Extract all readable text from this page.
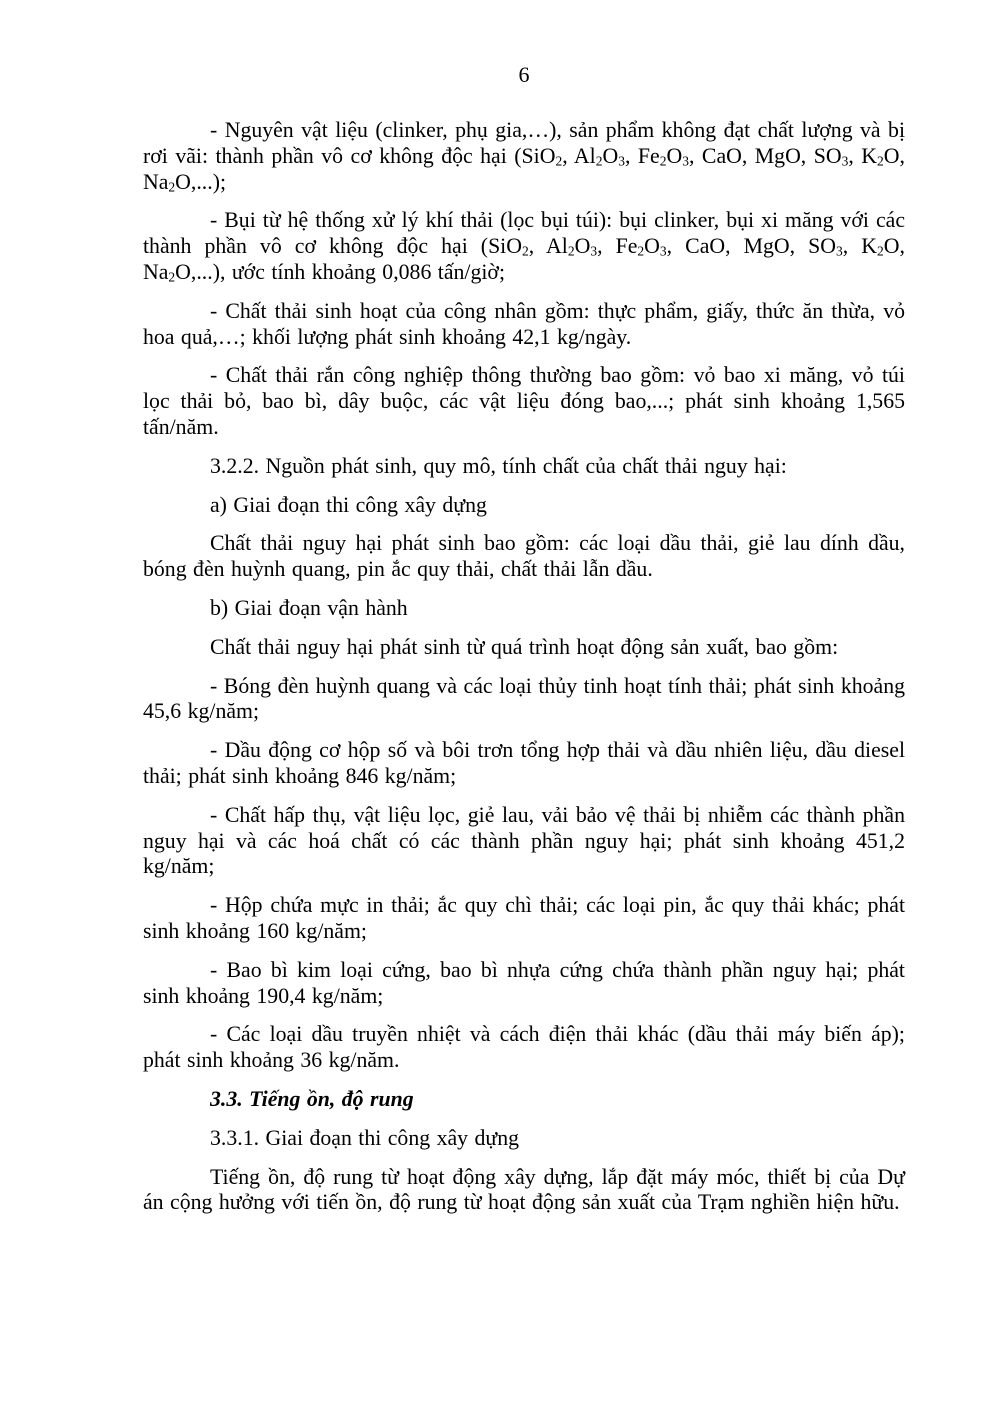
6

- Nguyên vật liệu (clinker, phụ gia,…), sản phẩm không đạt chất lượng và bị rơi vãi: thành phần vô cơ không độc hại (SiO$_2$, $Al_2O_3$, $Fe_2O_3$, CaO, MgO, $SO_3$, $K_2O$, $Na_2O$,...);

- Bụi từ hệ thống xử lý khí thải (lọc bụi túi): bụi clinker, bụi xi măng với các thành phần vô cơ không độc hại (SiO$_2$, $Al_2O_3$, $Fe_2O_3$, CaO, MgO, $SO_3$, $K_2O$, $Na_2O$,...), ước tính khoảng 0,086 tấn/giờ;

- Chất thải sinh hoạt của công nhân gồm: thực phẩm, giấy, thức ăn thừa, vỏ hoa quả,…; khối lượng phát sinh khoảng 42,1 kg/ngày.

- Chất thải rắn công nghiệp thông thường bao gồm: vỏ bao xi măng, vỏ túi lọc thải bỏ, bao bì, dây buộc, các vật liệu đóng bao,...; phát sinh khoảng 1,565 tấn/năm.

3.2.2. Nguồn phát sinh, quy mô, tính chất của chất thải nguy hại:

a) Giai đoạn thi công xây dựng

Chất thải nguy hại phát sinh bao gồm: các loại dầu thải, giẻ lau dính dầu, bóng đèn huỳnh quang, pin ắc quy thải, chất thải lẫn dầu.

b) Giai đoạn vận hành

Chất thải nguy hại phát sinh từ quá trình hoạt động sản xuất, bao gồm:

- Bóng đèn huỳnh quang và các loại thủy tinh hoạt tính thải; phát sinh khoảng 45,6 kg/năm;

- Dầu động cơ hộp số và bôi trơn tổng hợp thải và dầu nhiên liệu, dầu diesel thải; phát sinh khoảng 846 kg/năm;

- Chất hấp thụ, vật liệu lọc, giẻ lau, vải bảo vệ thải bị nhiễm các thành phần nguy hại và các hoá chất có các thành phần nguy hại; phát sinh khoảng 451,2 kg/năm;

- Hộp chứa mực in thải; ắc quy chì thải; các loại pin, ắc quy thải khác; phát sinh khoảng 160 kg/năm;

- Bao bì kim loại cứng, bao bì nhựa cứng chứa thành phần nguy hại; phát sinh khoảng 190,4 kg/năm;

- Các loại dầu truyền nhiệt và cách điện thải khác (dầu thải máy biến áp); phát sinh khoảng 36 kg/năm.

3.3. Tiếng ồn, độ rung

3.3.1. Giai đoạn thi công xây dựng

Tiếng ồn, độ rung từ hoạt động xây dựng, lắp đặt máy móc, thiết bị của Dự án cộng hưởng với tiến ồn, độ rung từ hoạt động sản xuất của Trạm nghiền hiện hữu.
